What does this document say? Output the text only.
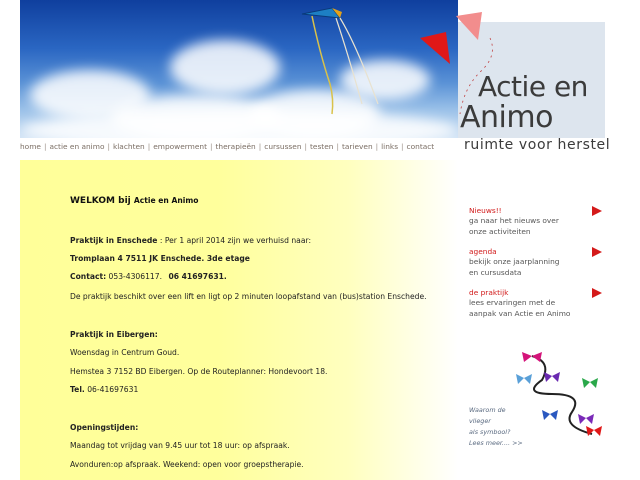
Actie en
Animo
ruimte voor herstel
home | actie en animo | klachten | empowerment | therapieën | cursussen | testen | tarieven | links | contact
WELKOM bij Actie en Animo
Praktijk in Enschede : Per 1 april 2014 zijn we verhuisd naar:
Tromplaan 4 7511 JK Enschede. 3de etage
Contact: 053-4306117. 06 41697631.
De praktijk beschikt over een lift en ligt op 2 minuten loopafstand van (bus)station Enschede.
Praktijk in Eibergen:
Woensdag in Centrum Goud.
Hemstea 3 7152 BD Eibergen. Op de Routeplanner: Hondevoort 18.
Tel. 06-41697631
Openingstijden:
Maandag tot vrijdag van 9.45 uur tot 18 uur: op afspraak.
Avonduren:op afspraak. Weekend: open voor groepstherapie.
Nieuws!!
ga naar het nieuws over
onze activiteiten
agenda
bekijk onze jaarplanning
en cursusdata
de praktijk
lees ervaringen met de
aanpak van Actie en Animo
Waarom de
vlieger
als symbool?
Lees meer.... >>
